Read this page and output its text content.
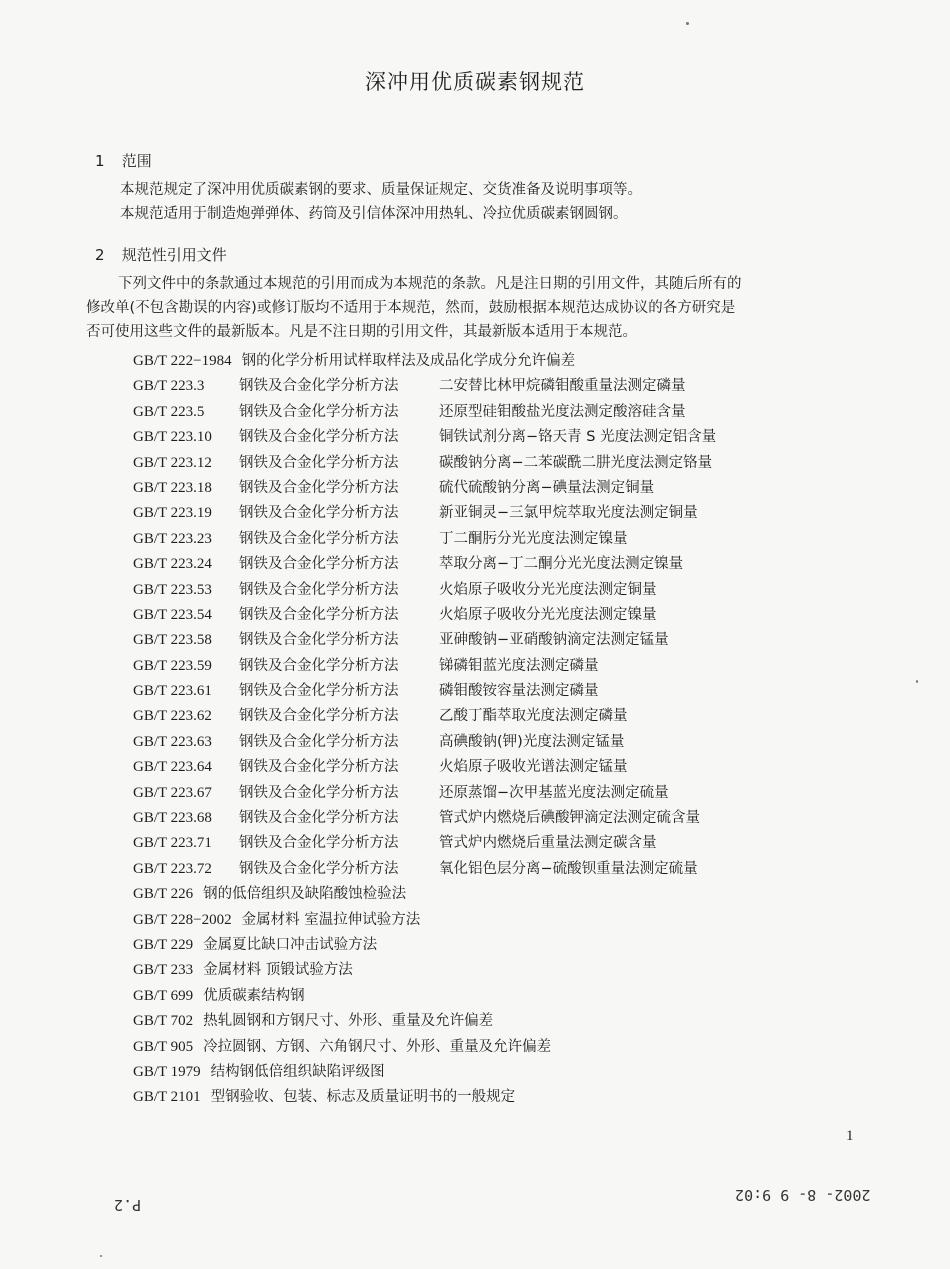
深冲用优质碳素钢规范
1 范围
本规范规定了深冲用优质碳素钢的要求、质量保证规定、交货准备及说明事项等。
本规范适用于制造炮弹弹体、药筒及引信体深冲用热轧、冷拉优质碳素钢圆钢。
2 规范性引用文件
下列文件中的条款通过本规范的引用而成为本规范的条款。凡是注日期的引用文件，其随后所有的
修改单(不包含勘误的内容)或修订版均不适用于本规范，然而，鼓励根据本规范达成协议的各方研究是
否可使用这些文件的最新版本。凡是不注日期的引用文件，其最新版本适用于本规范。
GB/T 222−1984 钢的化学分析用试样取样法及成品化学成分允许偏差
GB/T 223.3 钢铁及合金化学分析方法	二安替比林甲烷磷钼酸重量法测定磷量
GB/T 223.5 钢铁及合金化学分析方法	还原型硅钼酸盐光度法测定酸溶硅含量
GB/T 223.10 钢铁及合金化学分析方法	铜铁试剂分离−铬天青 S 光度法测定铝含量
GB/T 223.12 钢铁及合金化学分析方法	碳酸钠分离−二苯碳酰二肼光度法测定铬量
GB/T 223.18 钢铁及合金化学分析方法	硫代硫酸钠分离−碘量法测定铜量
GB/T 223.19 钢铁及合金化学分析方法	新亚铜灵−三氯甲烷萃取光度法测定铜量
GB/T 223.23 钢铁及合金化学分析方法	丁二酮肟分光光度法测定镍量
GB/T 223.24 钢铁及合金化学分析方法	萃取分离−丁二酮分光光度法测定镍量
GB/T 223.53 钢铁及合金化学分析方法	火焰原子吸收分光光度法测定铜量
GB/T 223.54 钢铁及合金化学分析方法	火焰原子吸收分光光度法测定镍量
GB/T 223.58 钢铁及合金化学分析方法	亚砷酸钠−亚硝酸钠滴定法测定锰量
GB/T 223.59 钢铁及合金化学分析方法	锑磷钼蓝光度法测定磷量
GB/T 223.61 钢铁及合金化学分析方法	磷钼酸铵容量法测定磷量
GB/T 223.62 钢铁及合金化学分析方法	乙酸丁酯萃取光度法测定磷量
GB/T 223.63 钢铁及合金化学分析方法	高碘酸钠(钾)光度法测定锰量
GB/T 223.64 钢铁及合金化学分析方法	火焰原子吸收光谱法测定锰量
GB/T 223.67 钢铁及合金化学分析方法	还原蒸馏−次甲基蓝光度法测定硫量
GB/T 223.68 钢铁及合金化学分析方法	管式炉内燃烧后碘酸钾滴定法测定硫含量
GB/T 223.71 钢铁及合金化学分析方法	管式炉内燃烧后重量法测定碳含量
GB/T 223.72 钢铁及合金化学分析方法	氧化铝色层分离−硫酸钡重量法测定硫量
GB/T 226 钢的低倍组织及缺陷酸蚀检验法
GB/T 228−2002 金属材料 室温拉伸试验方法
GB/T 229 金属夏比缺口冲击试验方法
GB/T 233 金属材料 顶锻试验方法
GB/T 699 优质碳素结构钢
GB/T 702 热轧圆钢和方钢尺寸、外形、重量及允许偏差
GB/T 905 冷拉圆钢、方钢、六角钢尺寸、外形、重量及允许偏差
GB/T 1979 结构钢低倍组织缺陷评级图
GB/T 2101 型钢验收、包装、标志及质量证明书的一般规定
1
P.2
2002- 8- 9 9:02
